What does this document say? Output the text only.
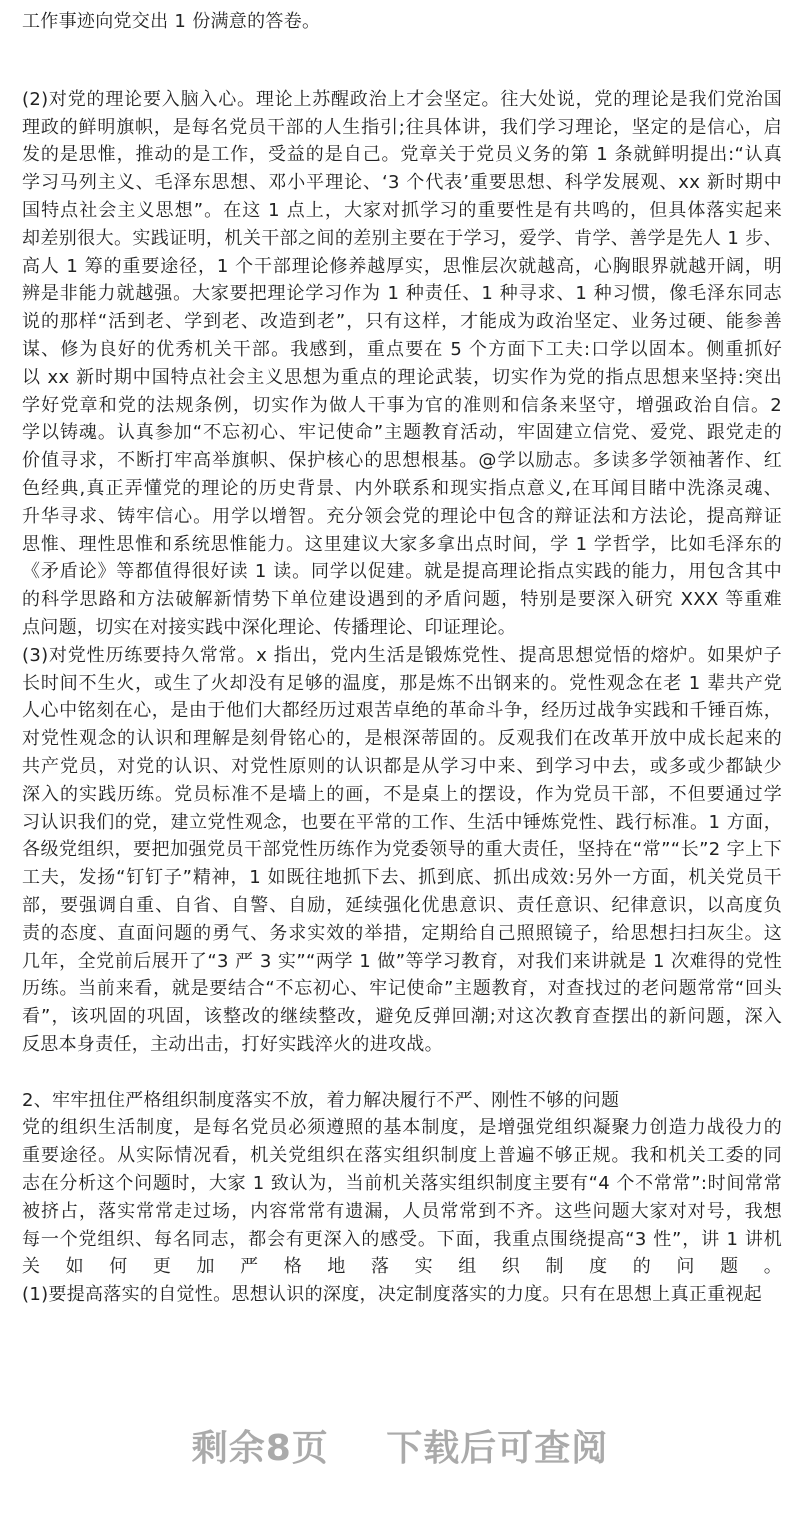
工作事迹向党交出 1 份满意的答卷。
(2)对党的理论要入脑入心。理论上苏醒政治上才会坚定。往大处说，党的理论是我们党治国
理政的鲜明旗帜，是每名党员干部的人生指引;往具体讲，我们学习理论，坚定的是信心，启
发的是思惟，推动的是工作，受益的是自己。党章关于党员义务的第 1 条就鲜明提出:“认真
学习马列主义、毛泽东思想、邓小平理论、‘3 个代表’重要思想、科学发展观、xx 新时期中
国特点社会主义思想”。在这 1 点上，大家对抓学习的重要性是有共鸣的，但具体落实起来
却差别很大。实践证明，机关干部之间的差别主要在于学习，爱学、肯学、善学是先人 1 步、
高人 1 筹的重要途径，1 个干部理论修养越厚实，思惟层次就越高，心胸眼界就越开阔，明
辨是非能力就越强。大家要把理论学习作为 1 种责任、1 种寻求、1 种习惯，像毛泽东同志
说的那样“活到老、学到老、改造到老”，只有这样，才能成为政治坚定、业务过硬、能参善
谋、修为良好的优秀机关干部。我感到，重点要在 5 个方面下工夫:口学以固本。侧重抓好
以 xx 新时期中国特点社会主义思想为重点的理论武装，切实作为党的指点思想来坚持:突出
学好党章和党的法规条例，切实作为做人干事为官的准则和信条来坚守，增强政治自信。2
学以铸魂。认真参加“不忘初心、牢记使命”主题教育活动，牢固建立信党、爱党、跟党走的
价值寻求，不断打牢高举旗帜、保护核心的思想根基。@学以励志。多读多学领袖著作、红
色经典,真正弄懂党的理论的历史背景、内外联系和现实指点意义,在耳闻目睹中洗涤灵魂、
升华寻求、铸牢信心。用学以增智。充分领会党的理论中包含的辩证法和方法论，提高辩证
思惟、理性思惟和系统思惟能力。这里建议大家多拿出点时间，学 1 学哲学，比如毛泽东的
《矛盾论》等都值得很好读 1 读。同学以促建。就是提高理论指点实践的能力，用包含其中
的科学思路和方法破解新情势下单位建设遇到的矛盾问题，特别是要深入研究 XXX 等重难
点问题，切实在对接实践中深化理论、传播理论、印证理论。
(3)对党性历练要持久常常。x 指出，党内生活是锻炼党性、提高思想觉悟的熔炉。如果炉子
长时间不生火，或生了火却没有足够的温度，那是炼不出钢来的。党性观念在老 1 辈共产党
人心中铭刻在心，是由于他们大都经历过艰苦卓绝的革命斗争，经历过战争实践和千锤百炼，
对党性观念的认识和理解是刻骨铭心的，是根深蒂固的。反观我们在改革开放中成长起来的
共产党员，对党的认识、对党性原则的认识都是从学习中来、到学习中去，或多或少都缺少
深入的实践历练。党员标准不是墙上的画，不是桌上的摆设，作为党员干部，不但要通过学
习认识我们的党，建立党性观念，也要在平常的工作、生活中锤炼党性、践行标准。1 方面，
各级党组织，要把加强党员干部党性历练作为党委领导的重大责任，坚持在“常”“长”2 字上下
工夫，发扬“钉钉子”精神，1 如既往地抓下去、抓到底、抓出成效:另外一方面，机关党员干
部，要强调自重、自省、自警、自励，延续强化优患意识、责任意识、纪律意识，以高度负
责的态度、直面问题的勇气、务求实效的举措，定期给自己照照镜子，给思想扫扫灰尘。这
几年，全党前后展开了“3 严 3 实”“两学 1 做”等学习教育，对我们来讲就是 1 次难得的党性
历练。当前来看，就是要结合“不忘初心、牢记使命”主题教育，对查找过的老问题常常“回头
看”，该巩固的巩固，该整改的继续整改，避免反弹回潮;对这次教育查摆出的新问题，深入
反思本身责任，主动出击，打好实践淬火的进攻战。
2、牢牢扭住严格组织制度落实不放，着力解决履行不严、刚性不够的问题
党的组织生活制度，是每名党员必须遵照的基本制度，是增强党组织凝聚力创造力战役力的
重要途径。从实际情况看，机关党组织在落实组织制度上普遍不够正规。我和机关工委的同
志在分析这个问题时，大家 1 致认为，当前机关落实组织制度主要有“4 个不常常”:时间常常
被挤占，落实常常走过场，内容常常有遗漏，人员常常到不齐。这些问题大家对对号，我想
每一个党组织、每名同志，都会有更深入的感受。下面，我重点围绕提高“3 性”，讲 1 讲机
关如何更加严格地落实组织制度的问题。
(1)要提高落实的自觉性。思想认识的深度，决定制度落实的力度。只有在思想上真正重视起
剩余8页 下载后可查阅
